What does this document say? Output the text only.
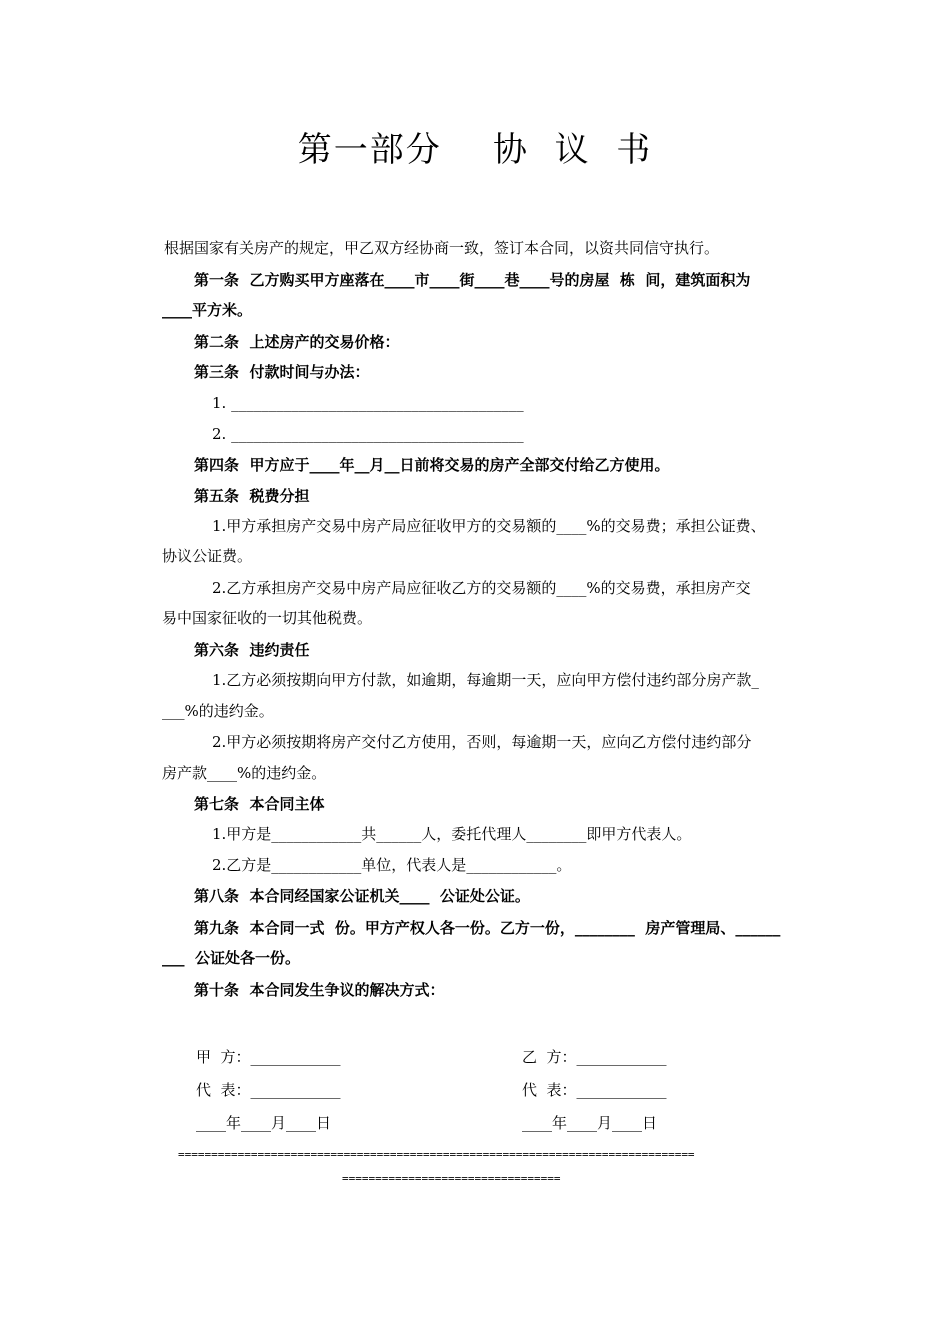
第一部分    协  议  书
根据国家有关房产的规定，甲乙双方经协商一致，签订本合同，以资共同信守执行。
第一条  乙方购买甲方座落在____市____街____巷____号的房屋  栋  间，建筑面积为
____平方米。
第二条  上述房产的交易价格：
第三条  付款时间与办法：
1. _______________________________________
2. _______________________________________
第四条  甲方应于____年__月__日前将交易的房产全部交付给乙方使用。
第五条  税费分担
1.甲方承担房产交易中房产局应征收甲方的交易额的____%的交易费；承担公证费、
协议公证费。
2.乙方承担房产交易中房产局应征收乙方的交易额的____%的交易费，承担房产交
易中国家征收的一切其他税费。
第六条  违约责任
1.乙方必须按期向甲方付款，如逾期，每逾期一天，应向甲方偿付违约部分房产款_
___%的违约金。
2.甲方必须按期将房产交付乙方使用，否则，每逾期一天，应向乙方偿付违约部分
房产款____%的违约金。
第七条  本合同主体
1.甲方是____________共______人，委托代理人________即甲方代表人。
2.乙方是____________单位，代表人是____________。
第八条  本合同经国家公证机关____  公证处公证。
第九条  本合同一式  份。甲方产权人各一份。乙方一份，________  房产管理局、______
___  公证处各一份。
第十条  本合同发生争议的解决方式：
甲  方：____________
代  表：____________
____年____月____日
乙  方：____________
代  表：____________
____年____月____日
==============================================================================
=================================
